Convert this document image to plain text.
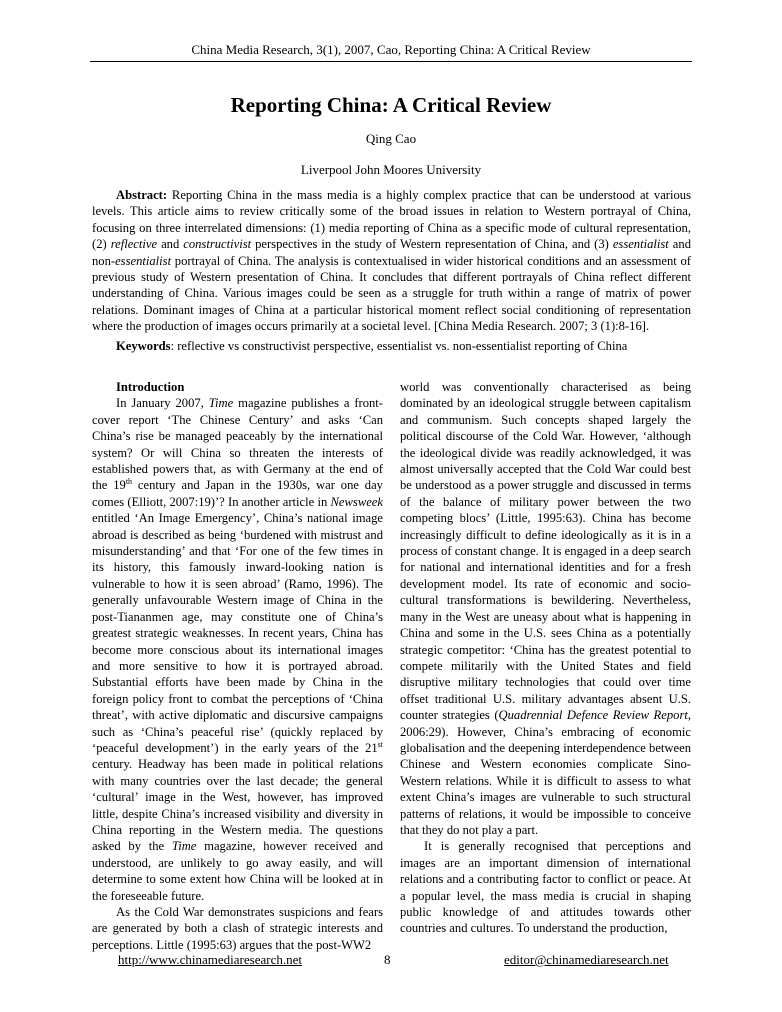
China Media Research, 3(1), 2007, Cao, Reporting China: A Critical Review
Reporting China: A Critical Review
Qing Cao
Liverpool John Moores University

Abstract: Reporting China in the mass media is a highly complex practice that can be understood at various levels. This article aims to review critically some of the broad issues in relation to Western portrayal of China, focusing on three interrelated dimensions: (1) media reporting of China as a specific mode of cultural representation, (2) reflective and constructivist perspectives in the study of Western representation of China, and (3) essentialist and non-essentialist portrayal of China. The analysis is contextualised in wider historical conditions and an assessment of previous study of Western presentation of China. It concludes that different portrayals of China reflect different understanding of China. Various images could be seen as a struggle for truth within a range of matrix of power relations. Dominant images of China at a particular historical moment reflect social conditioning of representation where the production of images occurs primarily at a societal level. [China Media Research. 2007; 3 (1):8-16].

Keywords: reflective vs constructivist perspective, essentialist vs. non-essentialist reporting of China

Introduction

In January 2007, Time magazine publishes a front-cover report ‘The Chinese Century’ and asks ‘Can China’s rise be managed peaceably by the international system? Or will China so threaten the interests of established powers that, as with Germany at the end of the 19th century and Japan in the 1930s, war one day comes (Elliott, 2007:19)’? In another article in Newsweek entitled ‘An Image Emergency’, China’s national image abroad is described as being ‘burdened with mistrust and misunderstanding’ and that ‘For one of the few times in its history, this famously inward-looking nation is vulnerable to how it is seen abroad’ (Ramo, 1996). The generally unfavourable Western image of China in the post-Tiananmen age, may constitute one of China’s greatest strategic weaknesses. In recent years, China has become more conscious about its international images and more sensitive to how it is portrayed abroad. Substantial efforts have been made by China in the foreign policy front to combat the perceptions of ‘China threat’, with active diplomatic and discursive campaigns such as ‘China’s peaceful rise’ (quickly replaced by ‘peaceful development’) in the early years of the 21st century. Headway has been made in political relations with many countries over the last decade; the general ‘cultural’ image in the West, however, has improved little, despite China’s increased visibility and diversity in China reporting in the Western media. The questions asked by the Time magazine, however received and understood, are unlikely to go away easily, and will determine to some extent how China will be looked at in the foreseeable future.

As the Cold War demonstrates suspicions and fears are generated by both a clash of strategic interests and perceptions. Little (1995:63) argues that the post-WW2

world was conventionally characterised as being dominated by an ideological struggle between capitalism and communism. Such concepts shaped largely the political discourse of the Cold War. However, ‘although the ideological divide was readily acknowledged, it was almost universally accepted that the Cold War could best be understood as a power struggle and discussed in terms of the balance of military power between the two competing blocs’ (Little, 1995:63). China has become increasingly difficult to define ideologically as it is in a process of constant change. It is engaged in a deep search for national and international identities and for a fresh development model. Its rate of economic and socio-cultural transformations is bewildering. Nevertheless, many in the West are uneasy about what is happening in China and some in the U.S. sees China as a potentially strategic competitor: ‘China has the greatest potential to compete militarily with the United States and field disruptive military technologies that could over time offset traditional U.S. military advantages absent U.S. counter strategies (Quadrennial Defence Review Report, 2006:29). However, China’s embracing of economic globalisation and the deepening interdependence between Chinese and Western economies complicate Sino-Western relations. While it is difficult to assess to what extent China’s images are vulnerable to such structural patterns of relations, it would be impossible to conceive that they do not play a part.

It is generally recognised that perceptions and images are an important dimension of international relations and a contributing factor to conflict or peace. At a popular level, the mass media is crucial in shaping public knowledge of and attitudes towards other countries and cultures. To understand the production,

http://www.chinamediaresearch.net	8	editor@chinamediaresearch.net
